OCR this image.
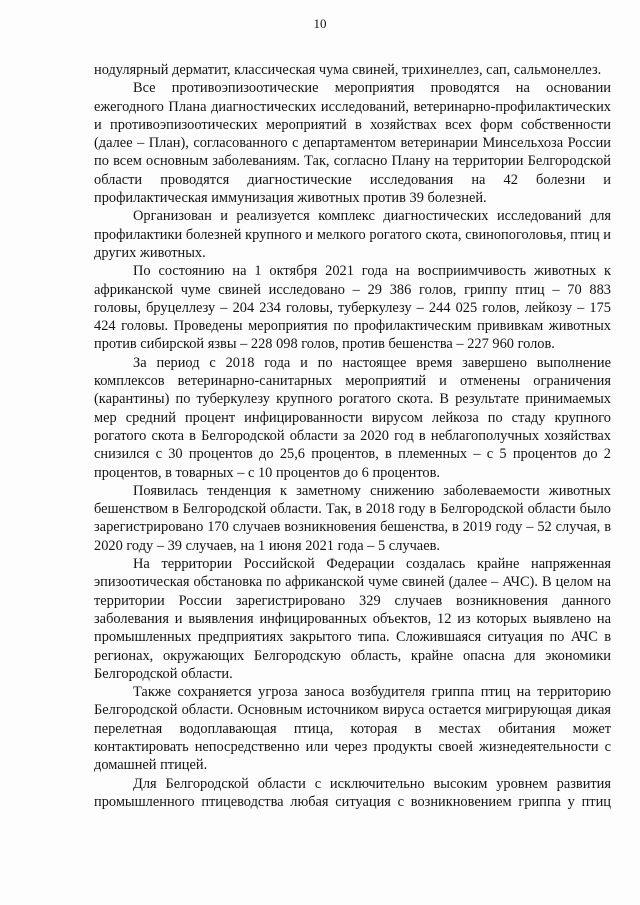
10

нодулярный дерматит, классическая чума свиней, трихинеллез, сап, сальмонеллез.

Все противоэпизоотические мероприятия проводятся на основании ежегодного Плана диагностических исследований, ветеринарно-профилактических и противоэпизоотических мероприятий в хозяйствах всех форм собственности (далее – План), согласованного с департаментом ветеринарии Минсельхоза России по всем основным заболеваниям. Так, согласно Плану на территории Белгородской области проводятся диагностические исследования на 42 болезни и профилактическая иммунизация животных против 39 болезней.

Организован и реализуется комплекс диагностических исследований для профилактики болезней крупного и мелкого рогатого скота, свинопоголовья, птиц и других животных.

По состоянию на 1 октября 2021 года на восприимчивость животных к африканской чуме свиней исследовано – 29 386 голов, гриппу птиц – 70 883 головы, бруцеллезу – 204 234 головы, туберкулезу – 244 025 голов, лейкозу – 175 424 головы. Проведены мероприятия по профилактическим прививкам животных против сибирской язвы – 228 098 голов, против бешенства – 227 960 голов.

За период с 2018 года и по настоящее время завершено выполнение комплексов ветеринарно-санитарных мероприятий и отменены ограничения (карантины) по туберкулезу крупного рогатого скота. В результате принимаемых мер средний процент инфицированности вирусом лейкоза по стаду крупного рогатого скота в Белгородской области за 2020 год в неблагополучных хозяйствах снизился с 30 процентов до 25,6 процентов, в племенных – с 5 процентов до 2 процентов, в товарных – с 10 процентов до 6 процентов.

Появилась тенденция к заметному снижению заболеваемости животных бешенством в Белгородской области. Так, в 2018 году в Белгородской области было зарегистрировано 170 случаев возникновения бешенства, в 2019 году – 52 случая, в 2020 году – 39 случаев, на 1 июня 2021 года – 5 случаев.

На территории Российской Федерации создалась крайне напряженная эпизоотическая обстановка по африканской чуме свиней (далее – АЧС). В целом на территории России зарегистрировано 329 случаев возникновения данного заболевания и выявления инфицированных объектов, 12 из которых выявлено на промышленных предприятиях закрытого типа. Сложившаяся ситуация по АЧС в регионах, окружающих Белгородскую область, крайне опасна для экономики Белгородской области.

Также сохраняется угроза заноса возбудителя гриппа птиц на территорию Белгородской области. Основным источником вируса остается мигрирующая дикая перелетная водоплавающая птица, которая в местах обитания может контактировать непосредственно или через продукты своей жизнедеятельности с домашней птицей.

Для Белгородской области с исключительно высоким уровнем развития промышленного птицеводства любая ситуация с возникновением гриппа у птиц
